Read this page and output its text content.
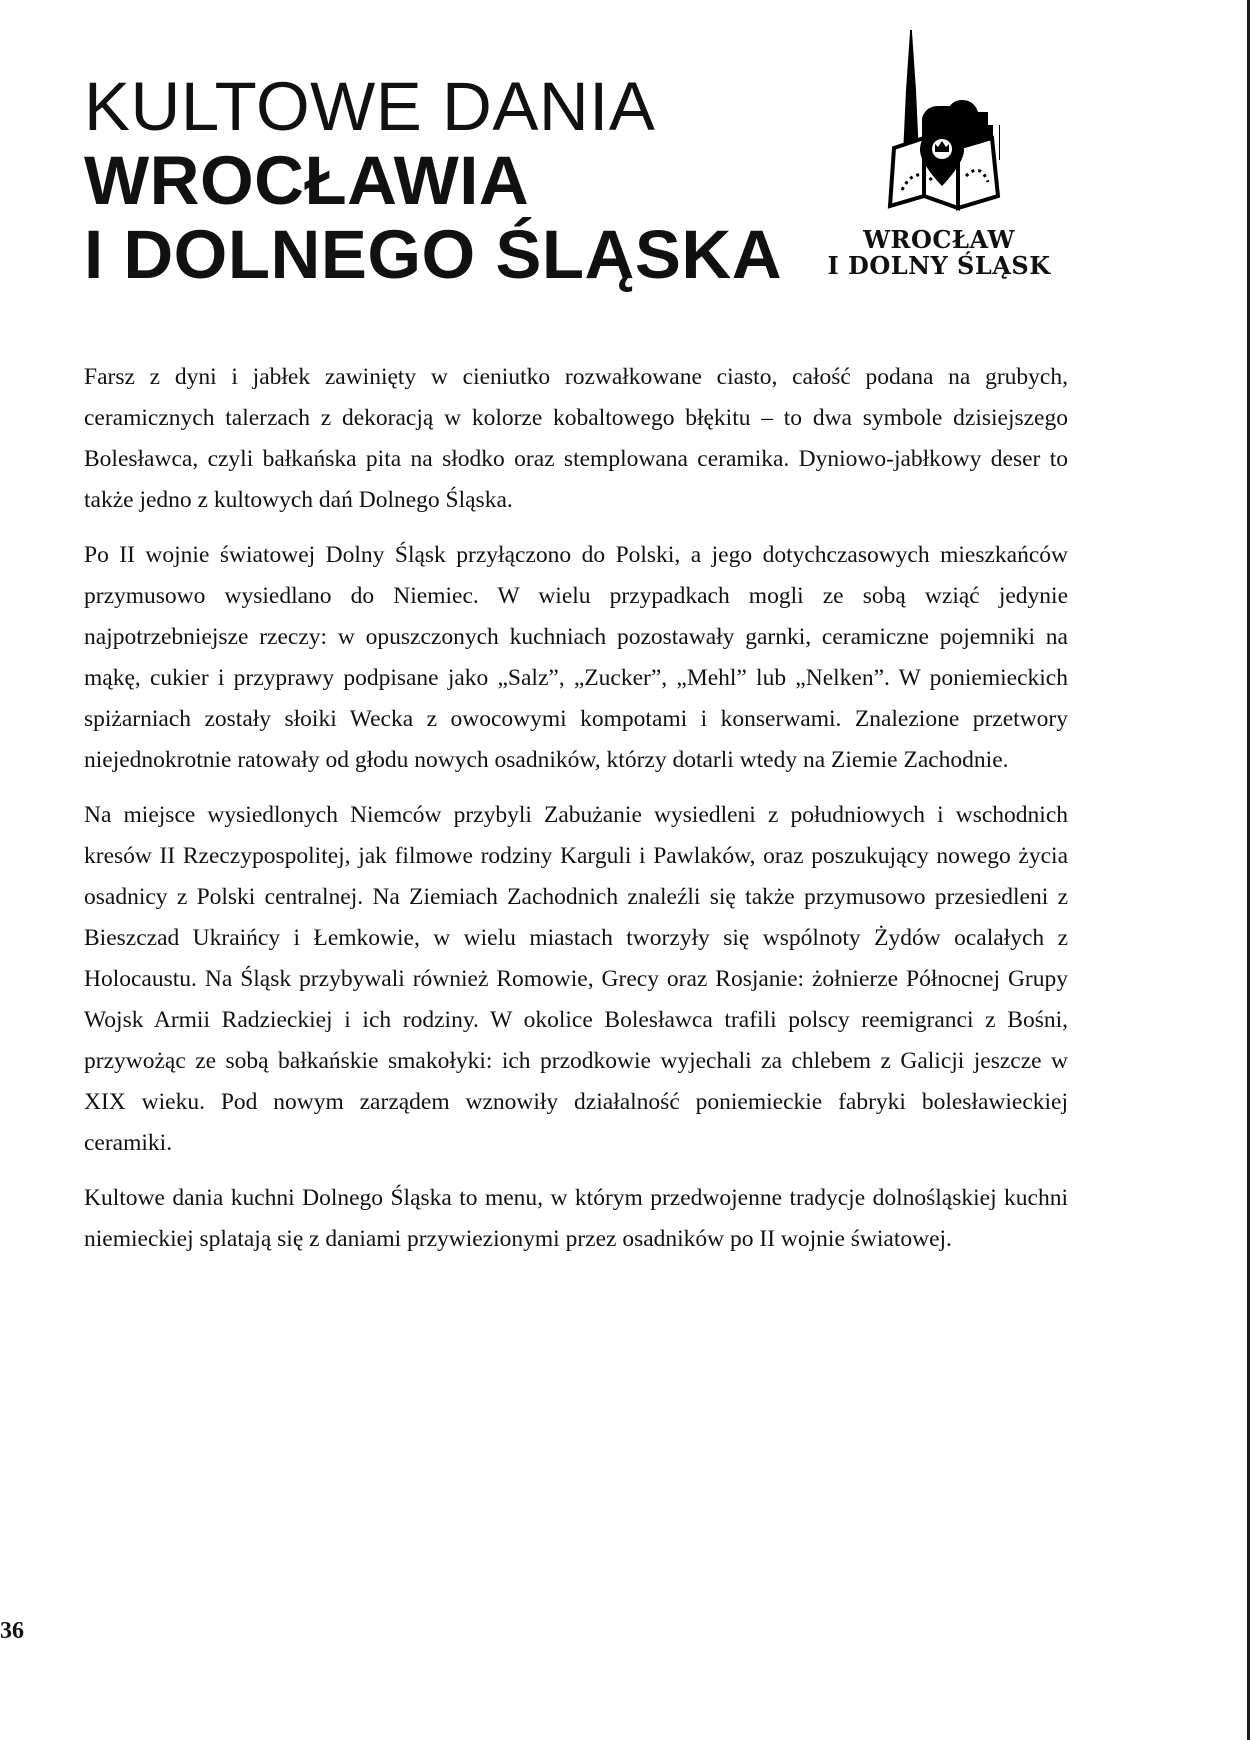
KULTOWE DANIA
WROCŁAWIA
I DOLNEGO ŚLĄSKA	WROCŁAW
I DOLNY ŚLĄSK

Farsz z dyni i jabłek zawinięty w cieniutko rozwałkowane ciasto, całość podana na grubych, ceramicznych talerzach z dekoracją w kolorze kobaltowego błękitu – to dwa symbole dzisiejszego Bolesławca, czyli bałkańska pita na słodko oraz stemplowana ceramika. Dyniowo-jabłkowy deser to także jedno z kultowych dań Dolnego Śląska.

Po II wojnie światowej Dolny Śląsk przyłączono do Polski, a jego dotychczasowych mieszkańców przymusowo wysiedlano do Niemiec. W wielu przypadkach mogli ze sobą wziąć jedynie najpotrzebniejsze rzeczy: w opuszczonych kuchniach pozostawały garnki, ceramiczne pojemniki na mąkę, cukier i przyprawy podpisane jako „Salz”, „Zucker”, „Mehl” lub „Nelken”. W poniemieckich spiżarniach zostały słoiki Wecka z owocowymi kompotami i konserwami. Znalezione przetwory niejednokrotnie ratowały od głodu nowych osadników, którzy dotarli wtedy na Ziemie Zachodnie.

Na miejsce wysiedlonych Niemców przybyli Zabużanie wysiedleni z południowych i wschodnich kresów II Rzeczypospolitej, jak filmowe rodziny Karguli i Pawlaków, oraz poszukujący nowego życia osadnicy z Polski centralnej. Na Ziemiach Zachodnich znaleźli się także przymusowo przesiedleni z Bieszczad Ukraińcy i Łemkowie, w wielu miastach tworzyły się wspólnoty Żydów ocalałych z Holocaustu. Na Śląsk przybywali również Romowie, Grecy oraz Rosjanie: żołnierze Północnej Grupy Wojsk Armii Radzieckiej i ich rodziny. W okolice Bolesławca trafili polscy reemigranci z Bośni, przywożąc ze sobą bałkańskie smakołyki: ich przodkowie wyjechali za chlebem z Galicji jeszcze w XIX wieku. Pod nowym zarządem wznowiły działalność poniemieckie fabryki bolesławieckiej ceramiki.

Kultowe dania kuchni Dolnego Śląska to menu, w którym przedwojenne tradycje dolnośląskiej kuchni niemieckiej splatają się z daniami przywiezionymi przez osadników po II wojnie światowej.

36
